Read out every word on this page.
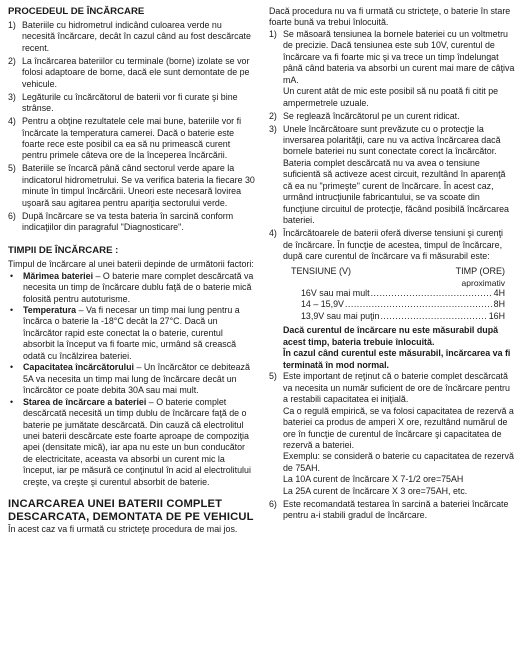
PROCEDEUL DE ÎNCĂRCARE
1) Bateriile cu hidrometrul indicând culoarea verde nu necesită încărcare, decât în cazul când au fost descărcate recent.

2) La încărcarea bateriilor cu terminale (borne) izolate se vor folosi adaptoare de borne, dacă ele sunt demontate de pe vehicule.

3) Legăturile cu încărcătorul de baterii vor fi curate şi bine strânse.

4) Pentru a obţine rezultatele cele mai bune, bateriile vor fi încărcate la temperatura camerei. Dacă o baterie este foarte rece este posibil ca ea să nu primească curent pentru primele câteva ore de la începerea încărcării.

5) Bateriile se încarcă până când sectorul verde apare la indicatorul hidrometrului. Se va verifica bateria la fiecare 30 minute în timpul încărcării. Uneori este necesară lovirea uşoară sau agitarea pentru apariţia sectorului verde.

6) După încărcare se va testa bateria în sarcină conform indicaţiilor din paragraful "Diagnosticare".

TIMPII DE ÎNCĂRCARE :

Timpul de încărcare al unei baterii depinde de următorii factori:

• Mărimea bateriei – O baterie mare complet descărcată va necesita un timp de încărcare dublu faţă de o baterie mică folosită pentru autoturisme.

• Temperatura – Va fi necesar un timp mai lung pentru a încărca o baterie la -18°C decât la 27°C. Dacă un încărcător rapid este conectat la o baterie, curentul absorbit la început va fi foarte mic, urmând să crească odată cu încălzirea bateriei.

• Capacitatea încărcătorului – Un încărcător ce debitează 5A va necesita un timp mai lung de încărcare decât un încărcător ce poate debita 30A sau mai mult.

• Starea de încărcare a bateriei – O baterie complet descărcată necesită un timp dublu de încărcare faţă de o baterie pe jumătate descărcată. Din cauză că electrolitul unei baterii descărcate este foarte aproape de compoziţia apei (densitate mică), iar apa nu este un bun conducător de electricitate, aceasta va absorbi un curent mic la început, iar pe măsură ce conţinutul în acid al electrolitului creşte, va creşte şi curentul absorbit de baterie.

INCARCAREA UNEI BATERII COMPLET
DESCARCATA, DEMONTATA DE PE VEHICUL

În acest caz va fi urmată cu stricteţe procedura de mai jos.

Dacă procedura nu va fi urmată cu stricteţe, o baterie în stare foarte bună va trebui înlocuită.

1) Se măsoară tensiunea la bornele bateriei cu un voltmetru de precizie. Dacă tensiunea este sub 10V, curentul de încărcare va fi foarte mic şi va trece un timp îndelungat până când bateria va absorbi un curent mai mare de câţiva mA.

Un curent atât de mic este posibil să nu poată fi citit pe ampermetrele uzuale.

2) Se reglează încărcătorul pe un curent ridicat.

3) Unele încărcătoare sunt prevăzute cu o protecţie la inversarea polarităţii, care nu va activa încărcarea dacă bornele bateriei nu sunt conectate corect la încărcător. Bateria complet descărcată nu va avea o tensiune suficientă să activeze acest circuit, rezultând în aparenţă că ea nu "primeşte" curent de încărcare. În acest caz, urmând intrucţiunile fabricantului, se va scoate din funcţiune circuitul de protecţie, făcând posibilă încărcarea bateriei.

4) Încărcătoarele de baterii oferă diverse tensiuni şi curenţi de încărcare. În funcţie de acestea, timpul de încărcare, după care curentul de încărcare va fi măsurabil este:

TENSIUNE (V)	TIMP (ORE)
aproximativ
16V sau mai mult .....	4H
14 – 15,9V .....	8H
13,9V sau mai puţin .....	16H

Dacă curentul de încărcare nu este măsurabil după acest timp, bateria trebuie înlocuită.

În cazul când curentul este măsurabil, încărcarea va fi terminată în mod normal.

5) Este important de reţinut că o baterie complet descărcată va necesita un număr suficient de ore de încărcare pentru a restabili capacitatea ei iniţială.

Ca o regulă empirică, se va folosi capacitatea de rezervă a bateriei ca produs de amperi X ore, rezultând numărul de ore în funcţie de curentul de încărcare şi capacitatea de rezervă a bateriei.

Exemplu: se consideră o baterie cu capacitatea de rezervă de 75AH.

La 10A curent de încărcare X 7-1/2 ore=75AH

La 25A curent de încărcare X 3 ore=75AH, etc.

6) Este recomandată testarea în sarcină a bateriei încărcate pentru a-i stabili gradul de încărcare.
